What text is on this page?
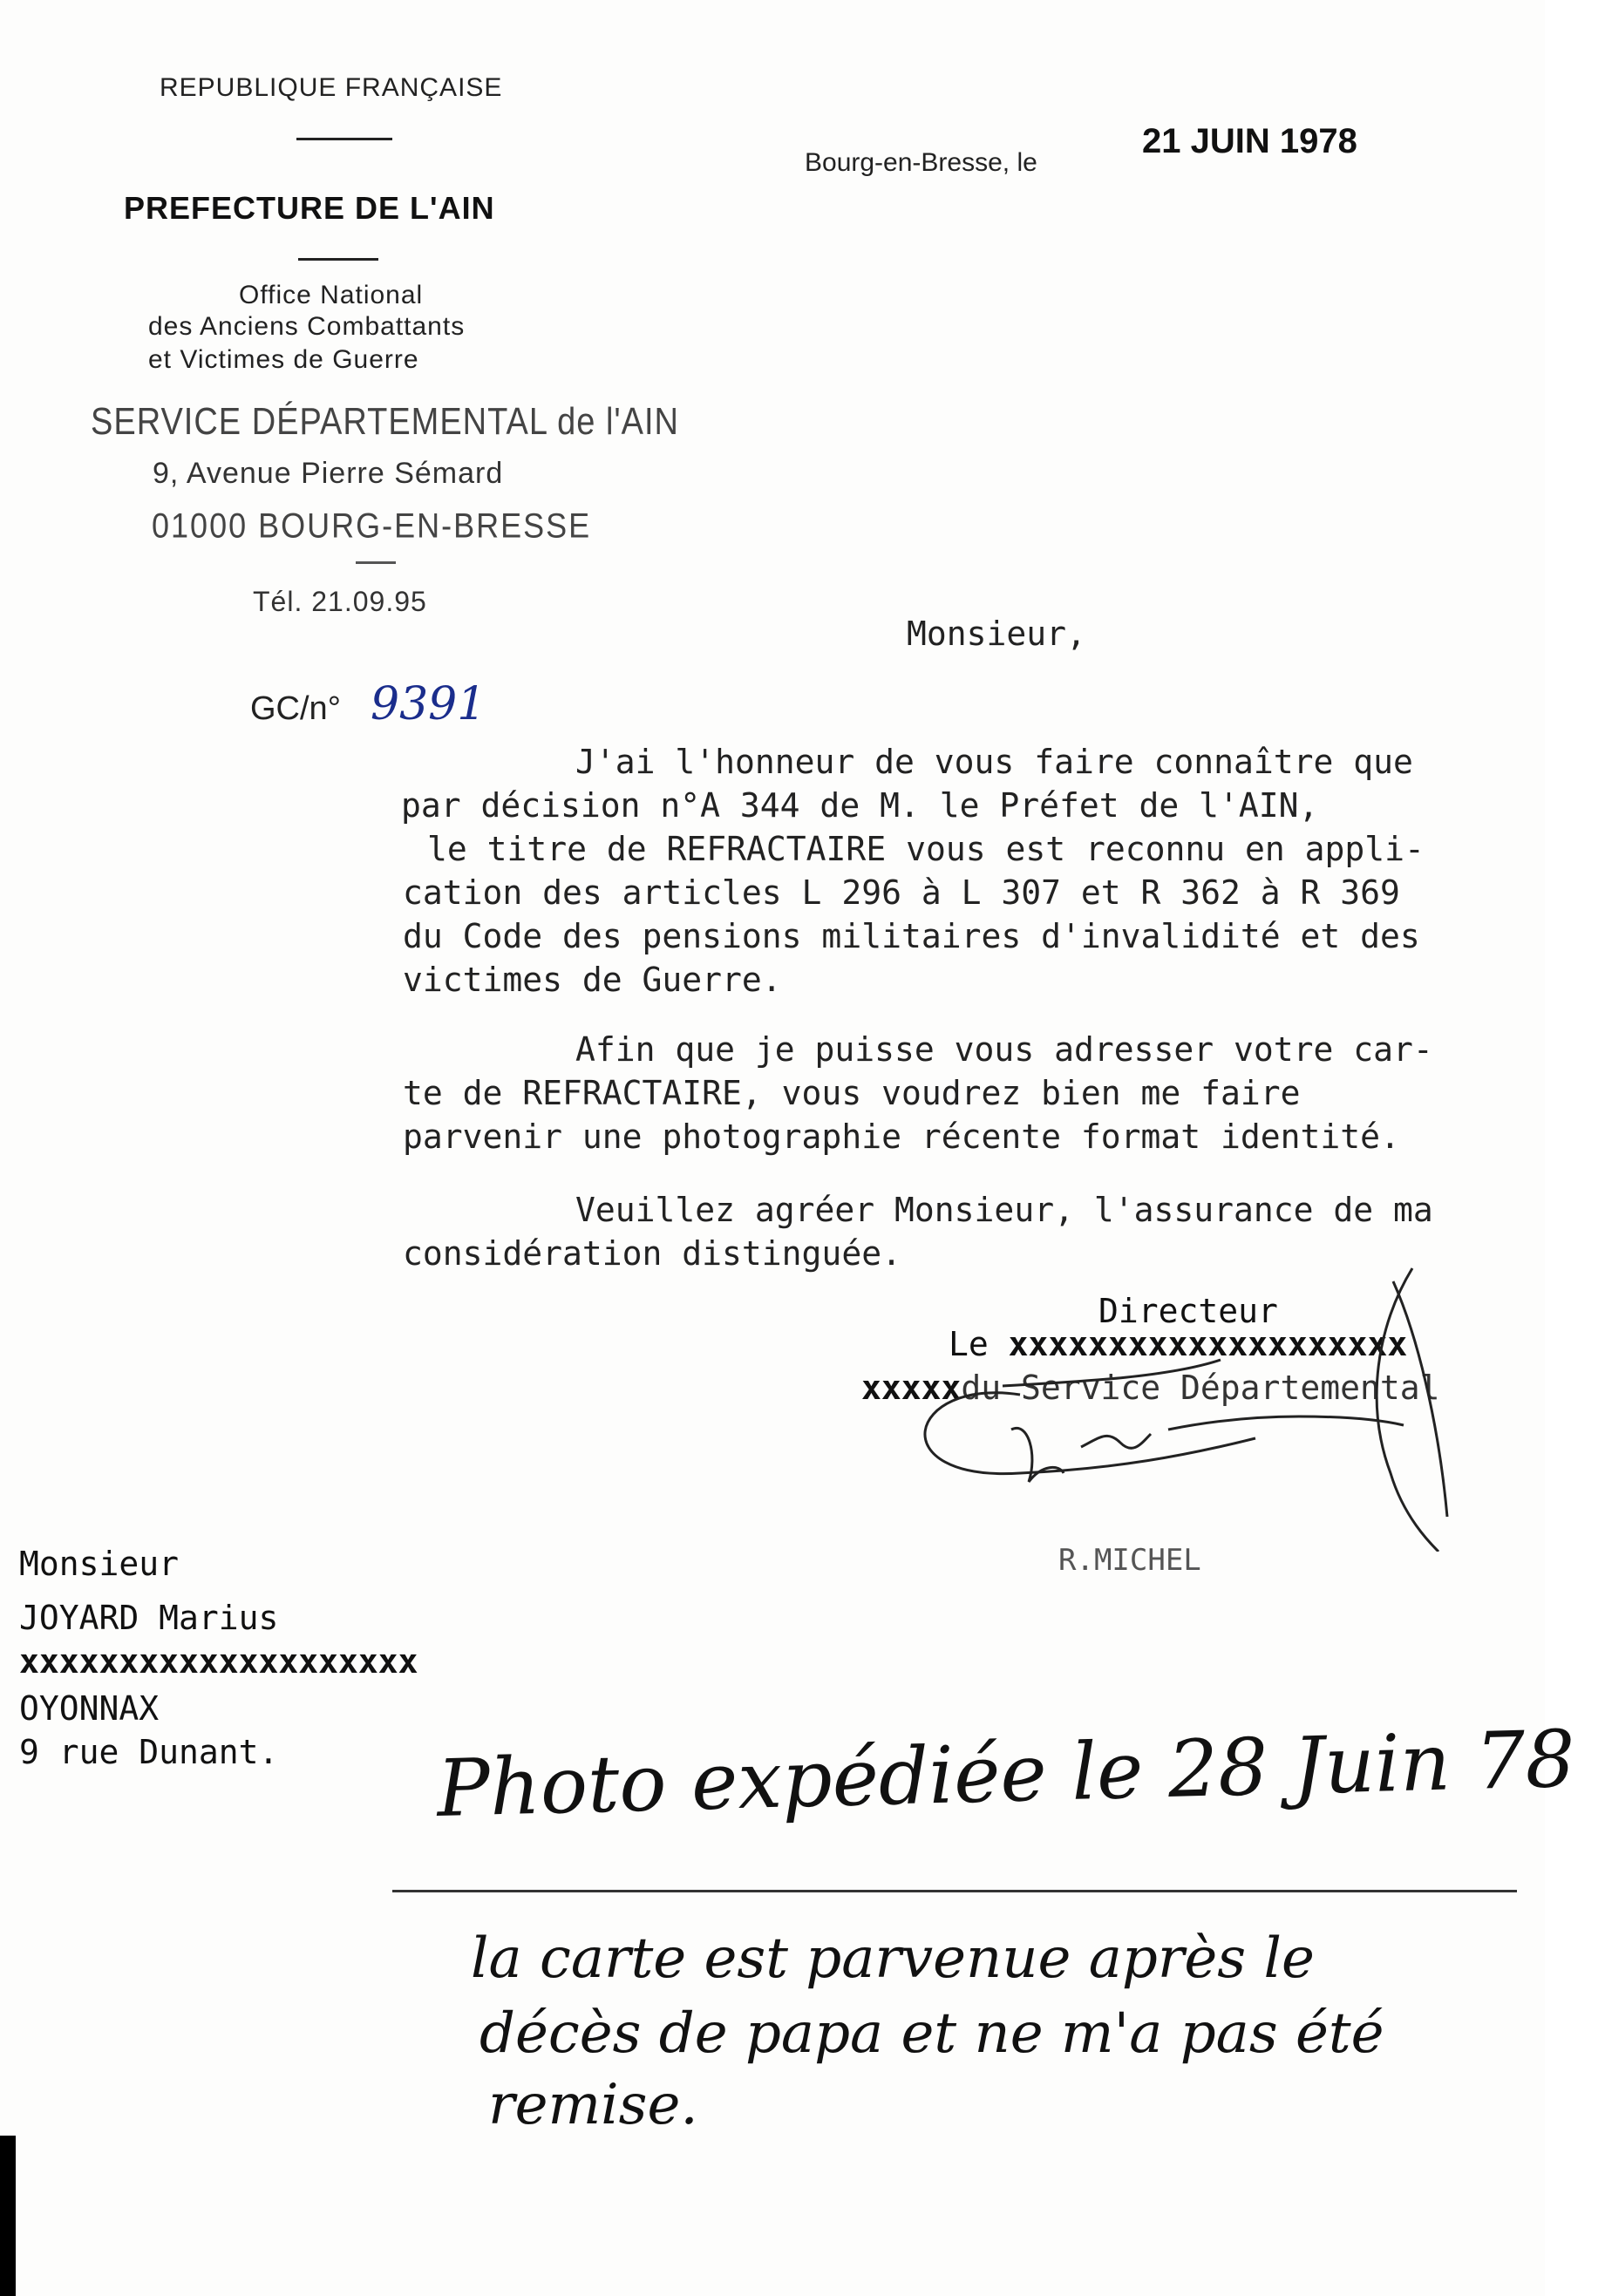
REPUBLIQUE FRANÇAISE
PREFECTURE DE L'AIN
Office National
des Anciens Combattants
et Victimes de Guerre
SERVICE DÉPARTEMENTAL de l'AIN
9, Avenue Pierre Sémard
01000 BOURG-EN-BRESSE
Tél. 21.09.95
GC/n° 9391
Bourg-en-Bresse, le
21 JUIN 1978
Monsieur,
J'ai l'honneur de vous faire connaître que
par décision n°A 344 de M. le Préfet de l'AIN,
le titre de REFRACTAIRE vous est reconnu en appli-
cation des articles L 296 à L 307 et R 362 à R 369
du Code des pensions militaires d'invalidité et des
victimes de Guerre.
Afin que je puisse vous adresser votre car-
te de REFRACTAIRE, vous voudrez bien me faire
parvenir une photographie récente format identité.
Veuillez agréer Monsieur, l'assurance de ma
considération distinguée.
Directeur
Le xxxxxxxxxxxxxxxxxxxx
xxxxxdu Service Départemental
R.MICHEL
Monsieur
JOYARD Marius
xxxxxxxxxxxxxxxxxxxx
OYONNAX
9 rue Dunant. Photo expédiée le 28 Juin 78
la carte est parvenue après le
décès de papa et ne m'a pas été
remise.
